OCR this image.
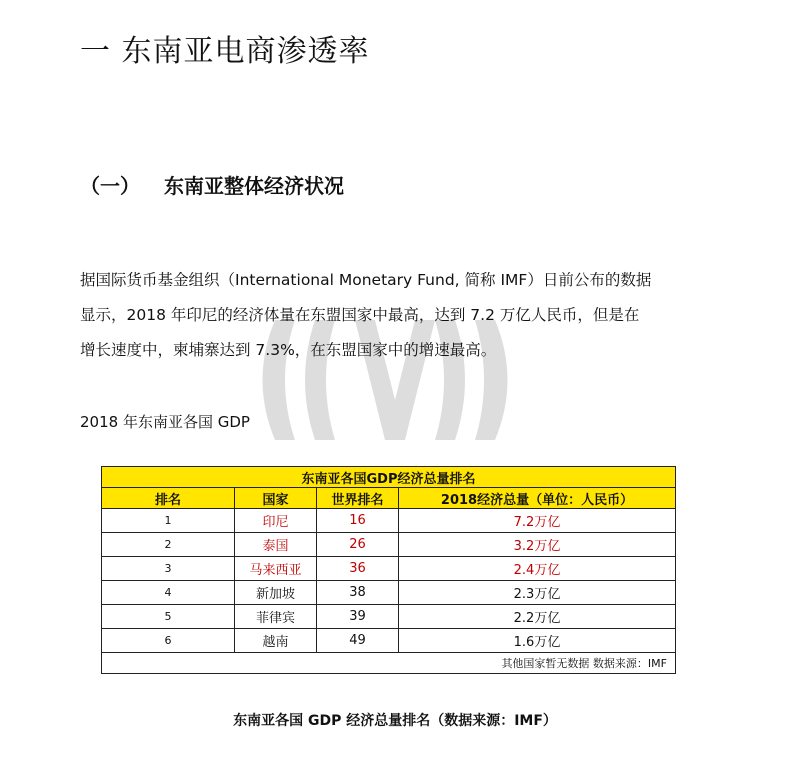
一 东南亚电商渗透率
（一） 东南亚整体经济状况
据国际货币基金组织（International Monetary Fund, 简称 IMF）日前公布的数据
显示，2018 年印尼的经济体量在东盟国家中最高，达到 7.2 万亿人民币，但是在
增长速度中，柬埔寨达到 7.3%，在东盟国家中的增速最高。
2018 年东南亚各国 GDP
东南亚各国GDP经济总量排名			
排名	国家	世界排名	2018经济总量（单位：人民币）
1	印尼	16	7.2万亿
2	泰国	26	3.2万亿
3	马来西亚	36	2.4万亿
4	新加坡	38	2.3万亿
5	菲律宾	39	2.2万亿
6	越南	49	1.6万亿
其他国家暂无数据 数据来源：IMF			
东南亚各国 GDP 经济总量排名（数据来源：IMF）
